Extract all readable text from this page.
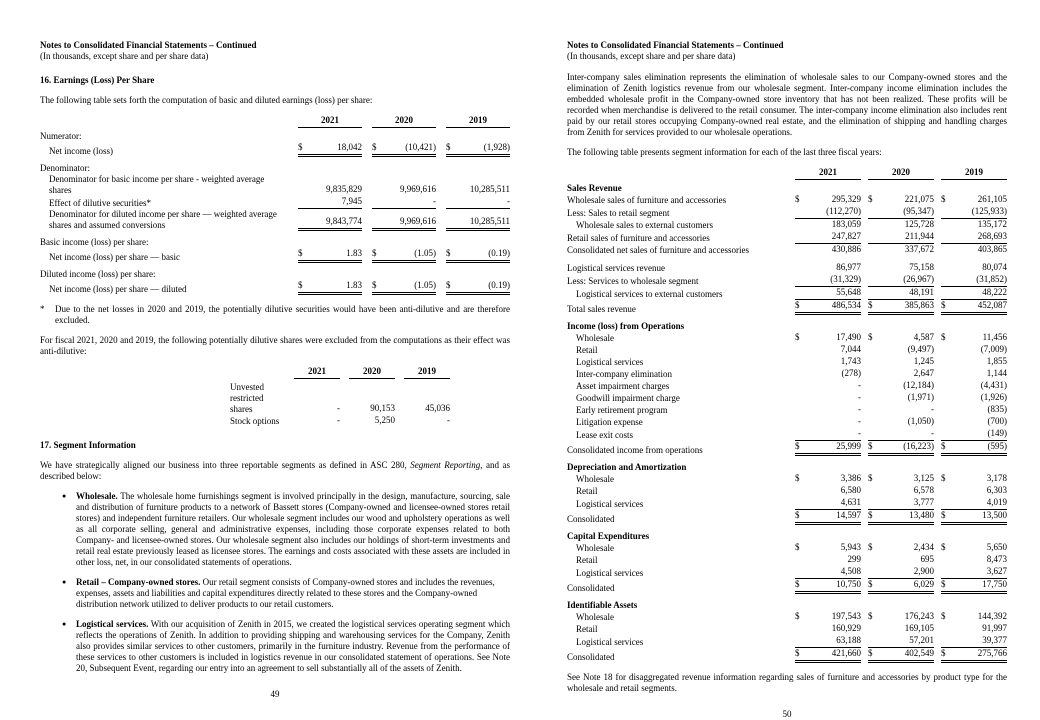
Notes to Consolidated Financial Statements – Continued
(In thousands, except share and per share data)
16. Earnings (Loss) Per Share

The following table sets forth the computation of basic and diluted earnings (loss) per share:

2021	2020	2019
Numerator:
Net income (loss)	$	18,042 $	(10,421) $	(1,928)
Denominator:
Denominator for basic income per share - weighted average shares	9,835,829	9,969,616	10,285,511
Effect of dilutive securities*	7,945	-	-
Denominator for diluted income per share — weighted average shares and assumed conversions	9,843,774	9,969,616	10,285,511
Basic income (loss) per share:
Net income (loss) per share — basic	$	1.83 $	(1.05) $	(0.19)
Diluted income (loss) per share:
Net income (loss) per share — diluted	$	1.83 $	(1.05) $	(0.19)
*	Due to the net losses in 2020 and 2019, the potentially dilutive securities would have been anti-dilutive and are therefore excluded.

For fiscal 2021, 2020 and 2019, the following potentially dilutive shares were excluded from the computations as their effect was anti-dilutive:

2021	2020	2019
Unvested restricted shares	-	90,153	45,036
Stock options	-	5,250	-
17. Segment Information

We have strategically aligned our business into three reportable segments as defined in ASC 280, Segment Reporting, and as described below:

●	Wholesale. The wholesale home furnishings segment is involved principally in the design, manufacture, sourcing, sale and distribution of furniture products to a network of Bassett stores (Company-owned and licensee-owned stores retail stores) and independent furniture retailers. Our wholesale segment includes our wood and upholstery operations as well as all corporate selling, general and administrative expenses, including those corporate expenses related to both Company- and licensee-owned stores. Our wholesale segment also includes our holdings of short-term investments and retail real estate previously leased as licensee stores. The earnings and costs associated with these assets are included in other loss, net, in our consolidated statements of operations.
●	Retail – Company-owned stores. Our retail segment consists of Company-owned stores and includes the revenues, expenses, assets and liabilities and capital expenditures directly related to these stores and the Company-owned distribution network utilized to deliver products to our retail customers.
●	Logistical services. With our acquisition of Zenith in 2015, we created the logistical services operating segment which reflects the operations of Zenith. In addition to providing shipping and warehousing services for the Company, Zenith also provides similar services to other customers, primarily in the furniture industry. Revenue from the performance of these services to other customers is included in logistics revenue in our consolidated statement of operations. See Note 20, Subsequent Event, regarding our entry into an agreement to sell substantially all of the assets of Zenith.
49
Notes to Consolidated Financial Statements – Continued
(In thousands, except share and per share data)

Inter-company sales elimination represents the elimination of wholesale sales to our Company-owned stores and the elimination of Zenith logistics revenue from our wholesale segment. Inter-company income elimination includes the embedded wholesale profit in the Company-owned store inventory that has not been realized. These profits will be recorded when merchandise is delivered to the retail consumer. The inter-company income elimination also includes rent paid by our retail stores occupying Company-owned real estate, and the elimination of shipping and handling charges from Zenith for services provided to our wholesale operations.

The following table presents segment information for each of the last three fiscal years:

2021	2020	2019
Sales Revenue
Wholesale sales of furniture and accessories	$	295,329 $	221,075 $	261,105
Less: Sales to retail segment	(112,270)	(95,347)	(125,933)
Wholesale sales to external customers	183,059	125,728	135,172
Retail sales of furniture and accessories	247,827	211,944	268,693
Consolidated net sales of furniture and accessories	430,886	337,672	403,865
Logistical services revenue	86,977	75,158	80,074
Less: Services to wholesale segment	(31,329)	(26,967)	(31,852)
Logistical services to external customers	55,648	48,191	48,222
Total sales revenue	$	486,534 $	385,863 $	452,087
Income (loss) from Operations
Wholesale	$	17,490 $	4,587 $	11,456
Retail	7,044	(9,497)	(7,009)
Logistical services	1,743	1,245	1,855
Inter-company elimination	(278)	2,647	1,144
Asset impairment charges	-	(12,184)	(4,431)
Goodwill impairment charge	-	(1,971)	(1,926)
Early retirement program	-	-	(835)
Litigation expense	-	(1,050)	(700)
Lease exit costs	-	-	(149)
Consolidated income from operations	$	25,999 $	(16,223) $	(595)
Depreciation and Amortization
Wholesale	$	3,386 $	3,125 $	3,178
Retail	6,580	6,578	6,303
Logistical services	4,631	3,777	4,019
Consolidated	$	14,597 $	13,480 $	13,500
Capital Expenditures
Wholesale	$	5,943 $	2,434 $	5,650
Retail	299	695	8,473
Logistical services	4,508	2,900	3,627
Consolidated	$	10,750 $	6,029 $	17,750
Identifiable Assets
Wholesale	$	197,543 $	176,243 $	144,392
Retail	160,929	169,105	91,997
Logistical services	63,188	57,201	39,377
Consolidated	$	421,660 $	402,549 $	275,766

See Note 18 for disaggregated revenue information regarding sales of furniture and accessories by product type for the wholesale and retail segments.

50
